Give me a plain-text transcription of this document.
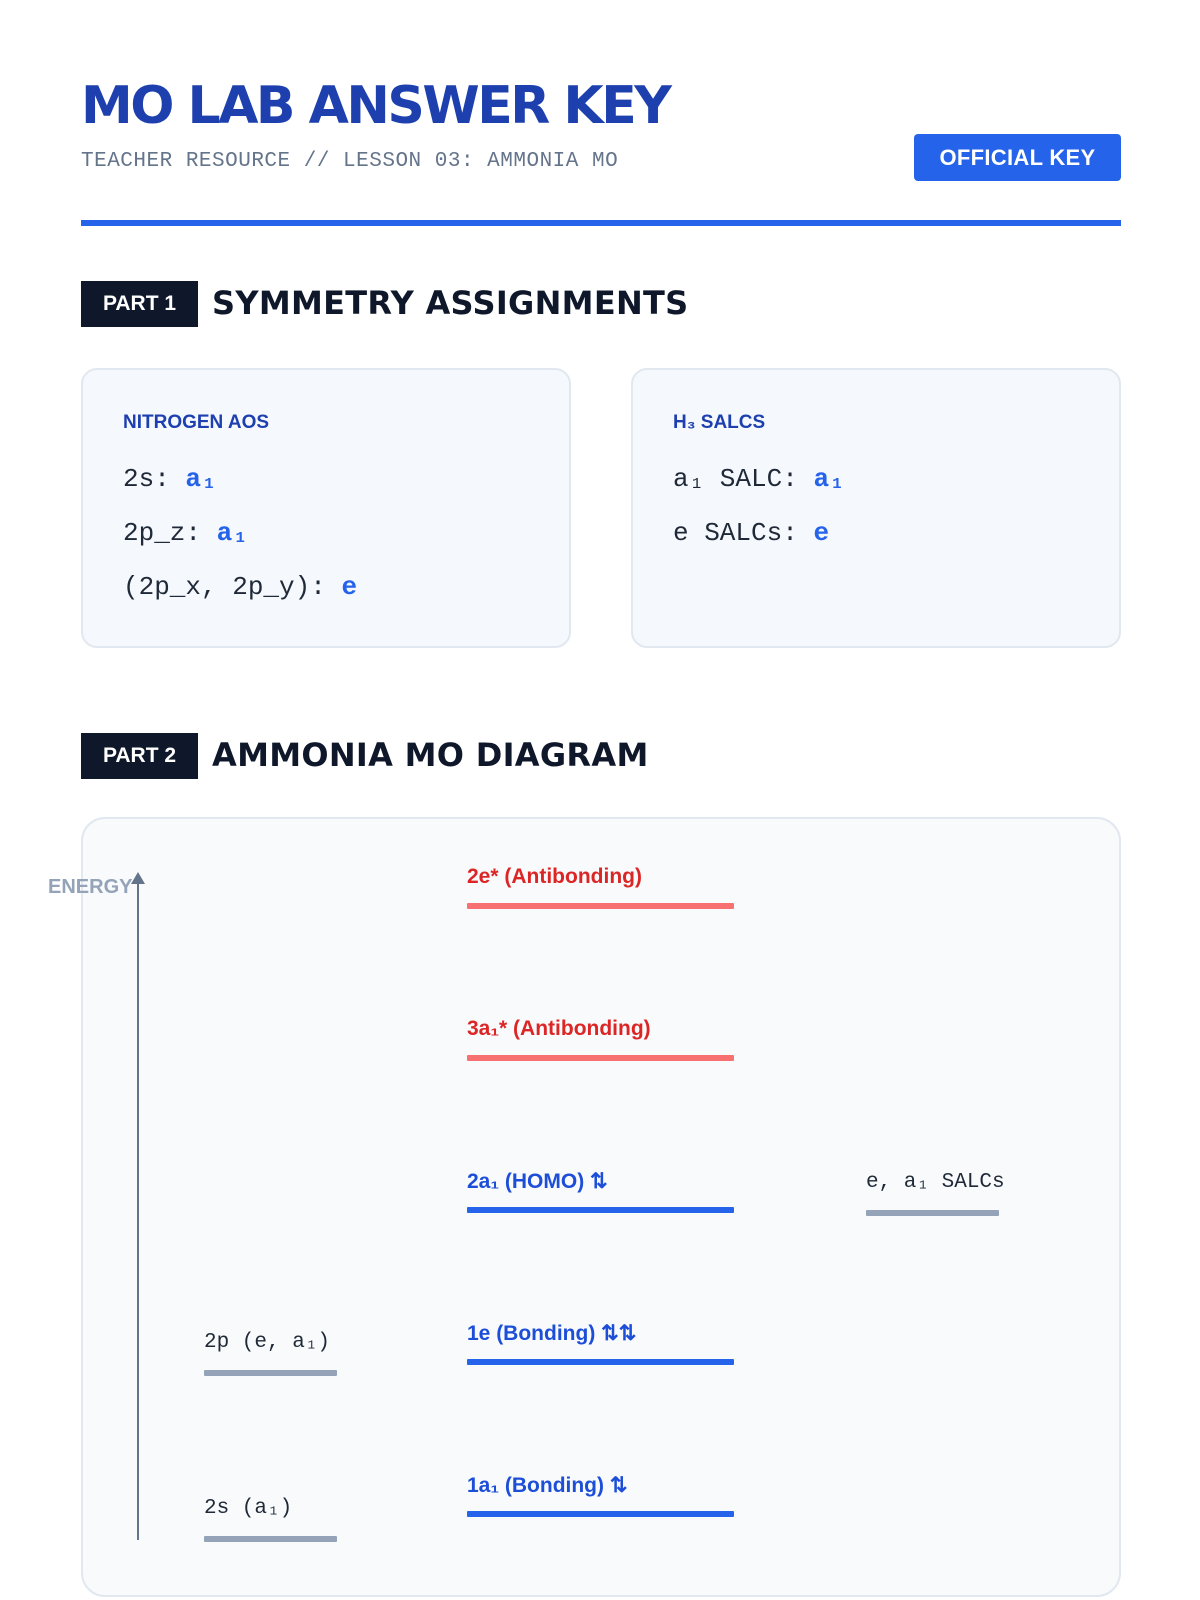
MO LAB ANSWER KEY
TEACHER RESOURCE // LESSON 03: AMMONIA MO	OFFICIAL KEY
PART 1	SYMMETRY ASSIGNMENTS
NITROGEN AOS
2s: a₁
2p_z: a₁
(2p_x, 2p_y): e
H₃ SALCS
a₁ SALC: a₁
e SALCs: e
PART 2	AMMONIA MO DIAGRAM
ENERGY	2e* (Antibonding)
3a₁* (Antibonding)
2a₁ (HOMO) ⇅
1e (Bonding) ⇅⇅
1a₁ (Bonding) ⇅
2p (e, a₁)
2s (a₁)
e, a₁ SALCs
